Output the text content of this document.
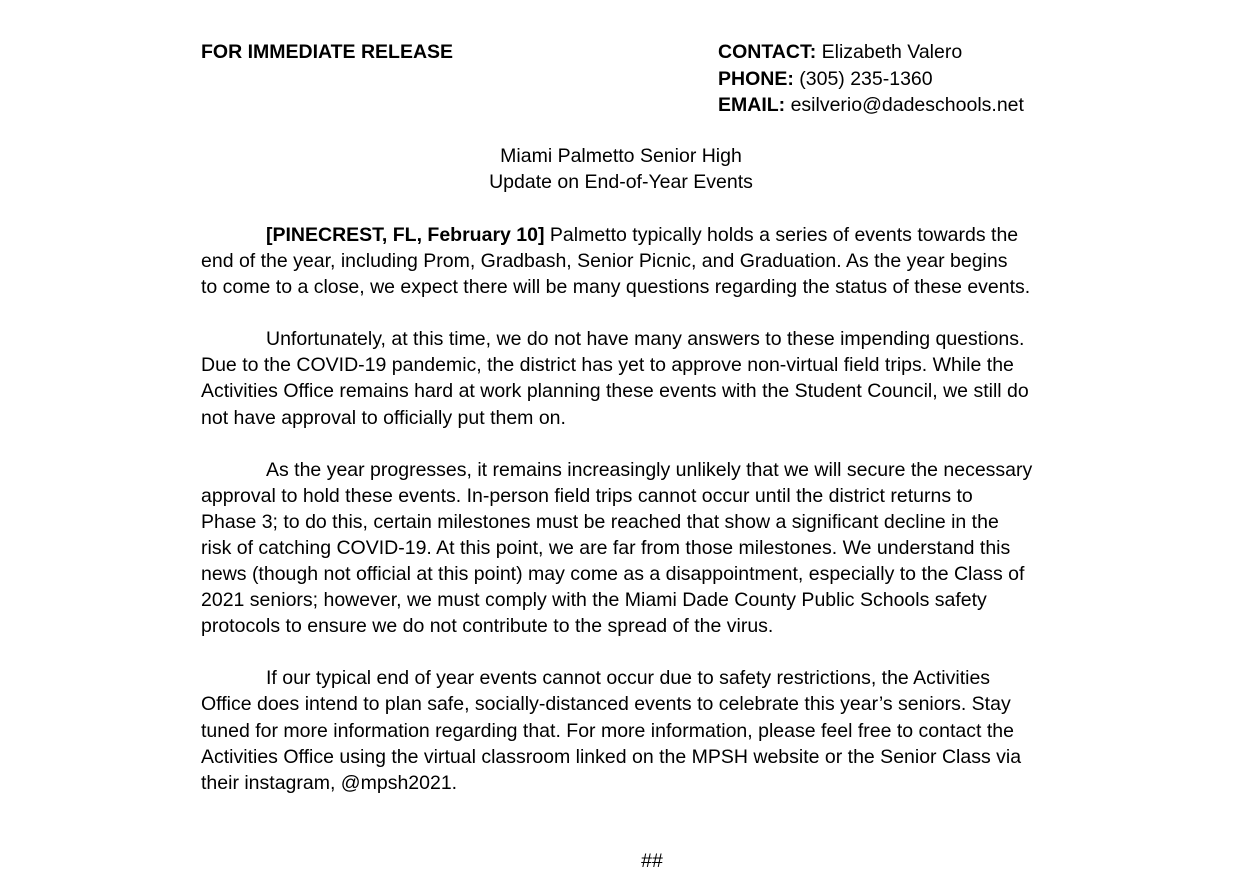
FOR IMMEDIATE RELEASE	CONTACT: Elizabeth Valero
PHONE: (305) 235-1360
EMAIL: esilverio@dadeschools.net
Miami Palmetto Senior High
Update on End-of-Year Events

[PINECREST, FL, February 10] Palmetto typically holds a series of events towards the
end of the year, including Prom, Gradbash, Senior Picnic, and Graduation. As the year begins
to come to a close, we expect there will be many questions regarding the status of these events.

Unfortunately, at this time, we do not have many answers to these impending questions.
Due to the COVID-19 pandemic, the district has yet to approve non-virtual field trips. While the
Activities Office remains hard at work planning these events with the Student Council, we still do
not have approval to officially put them on.

As the year progresses, it remains increasingly unlikely that we will secure the necessary
approval to hold these events. In-person field trips cannot occur until the district returns to
Phase 3; to do this, certain milestones must be reached that show a significant decline in the
risk of catching COVID-19. At this point, we are far from those milestones. We understand this
news (though not official at this point) may come as a disappointment, especially to the Class of
2021 seniors; however, we must comply with the Miami Dade County Public Schools safety
protocols to ensure we do not contribute to the spread of the virus.

If our typical end of year events cannot occur due to safety restrictions, the Activities
Office does intend to plan safe, socially-distanced events to celebrate this year’s seniors. Stay
tuned for more information regarding that. For more information, please feel free to contact the
Activities Office using the virtual classroom linked on the MPSH website or the Senior Class via
their instagram, @mpsh2021.

##
